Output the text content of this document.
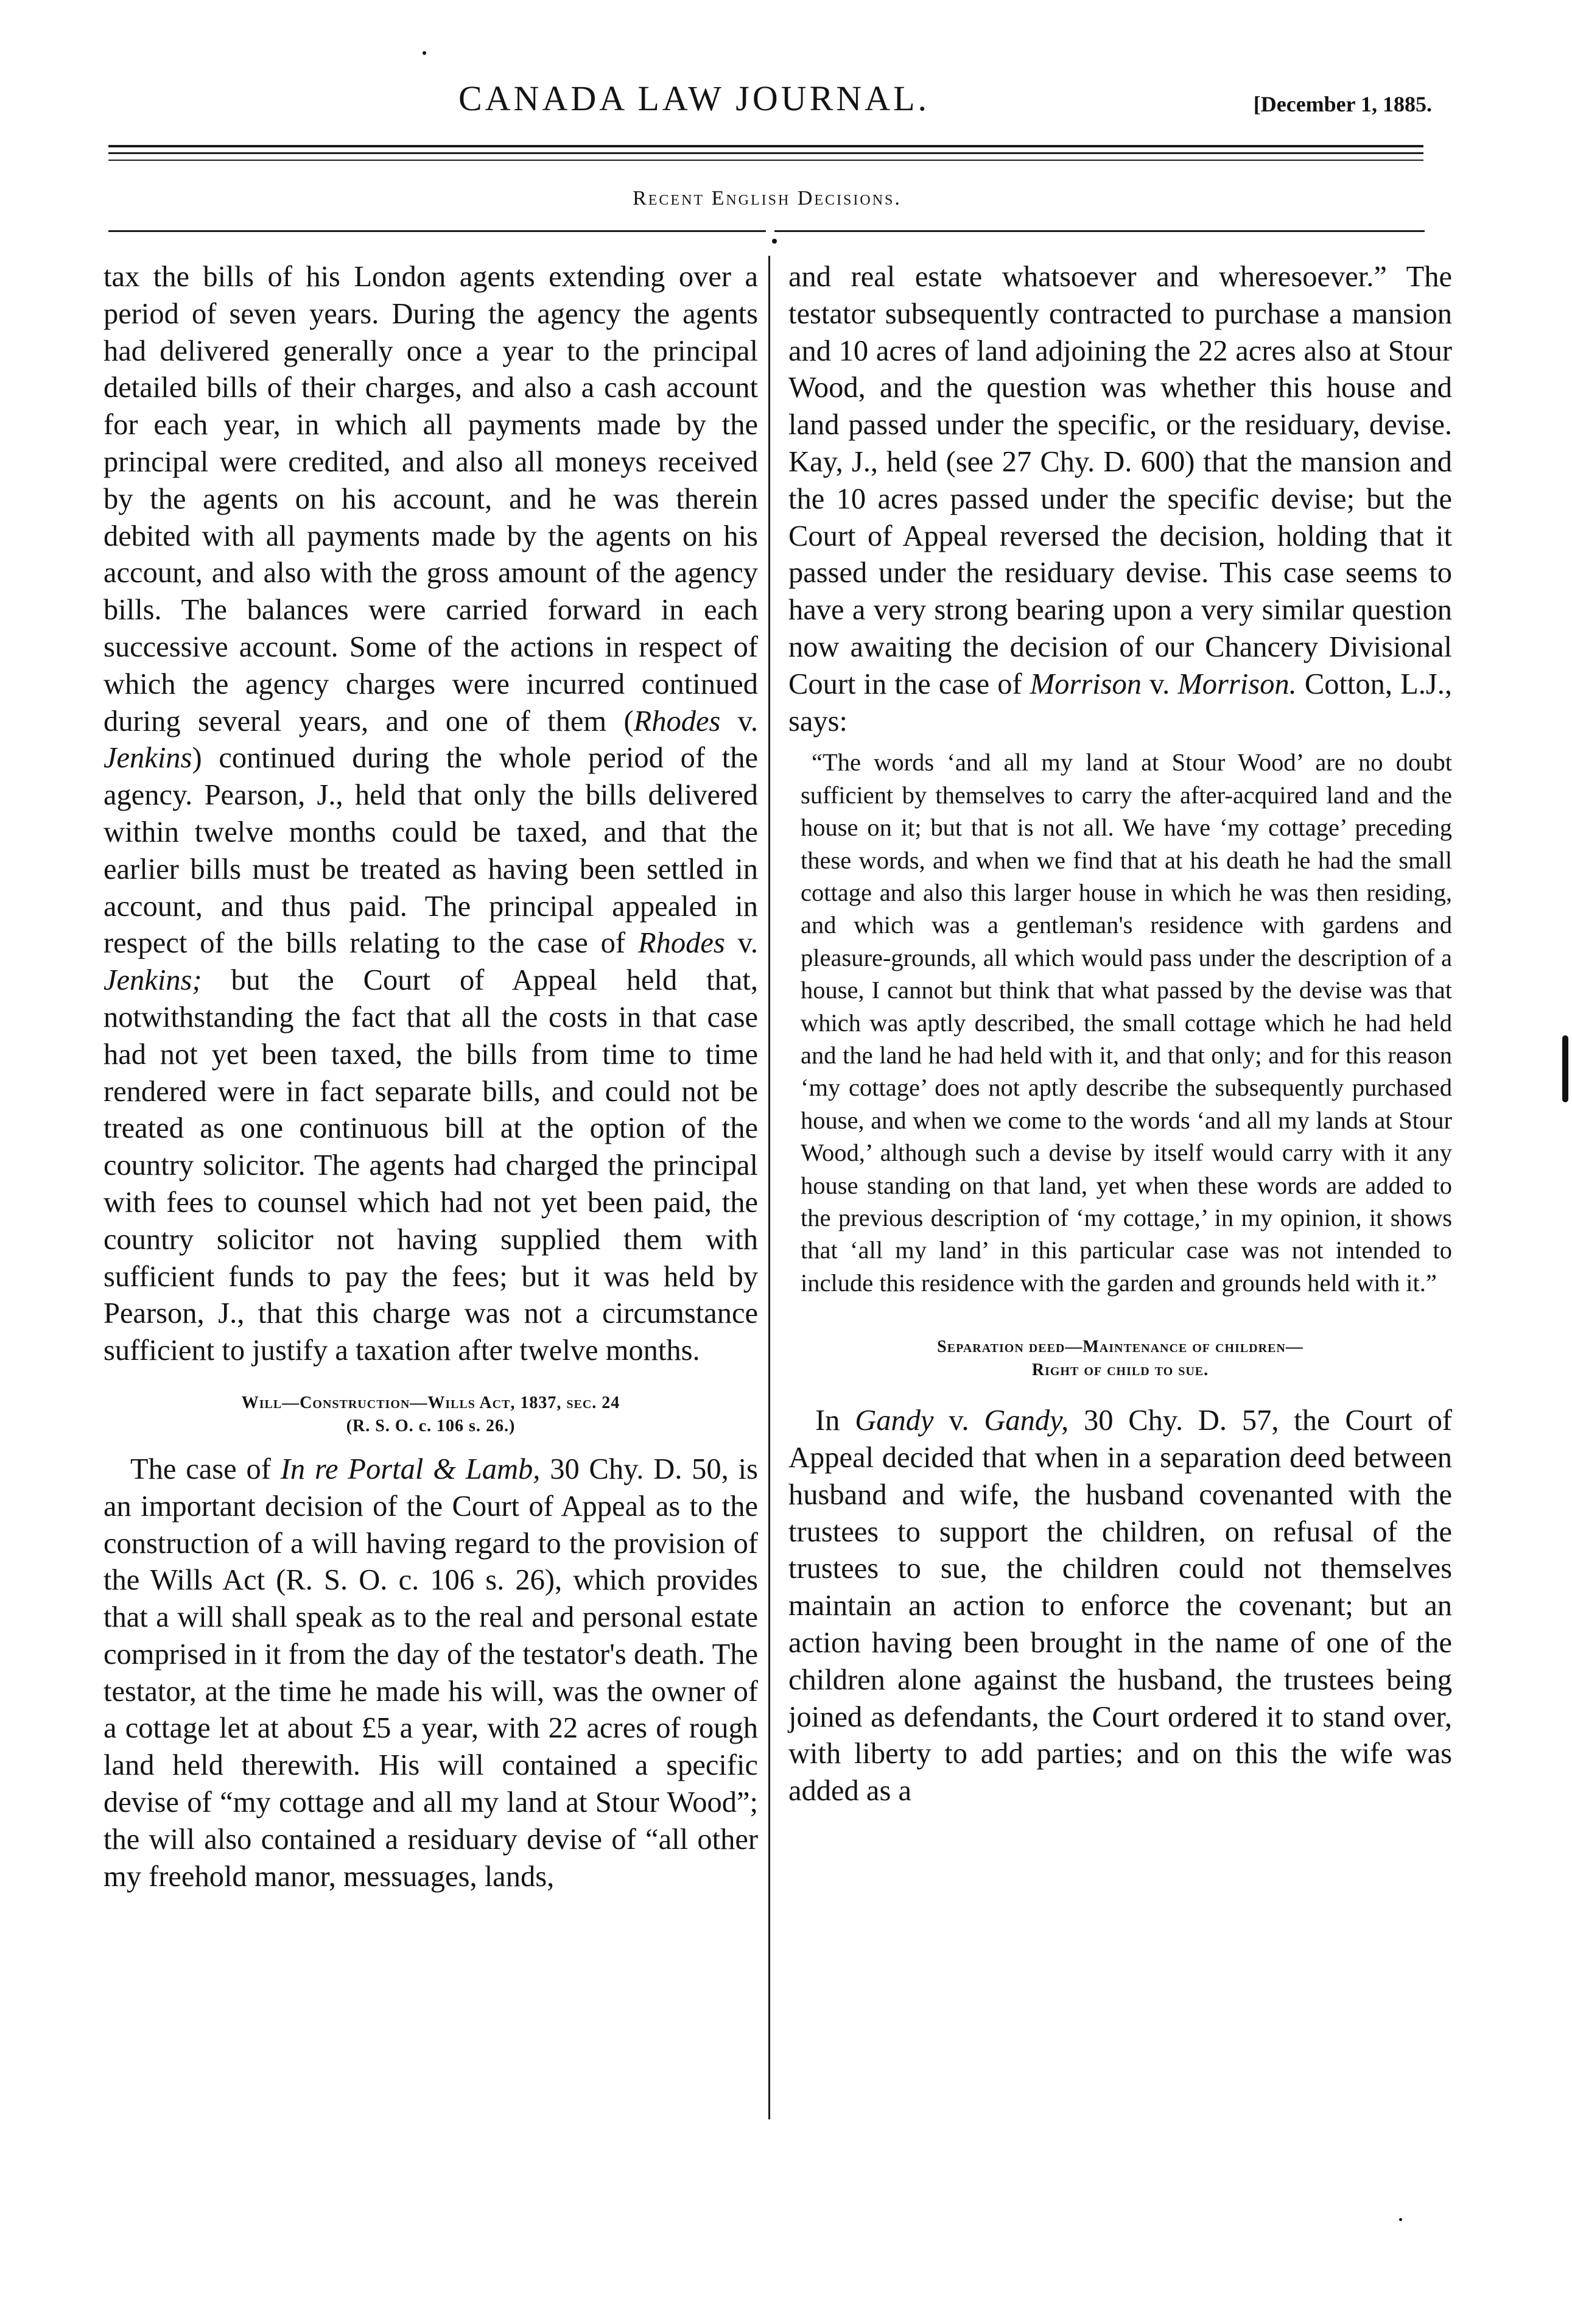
CANADA LAW JOURNAL.	[December 1, 1885.
Recent English Decisions.

tax the bills of his London agents extending over a period of seven years. During the agency the agents had delivered generally once a year to the principal detailed bills of their charges, and also a cash account for each year, in which all payments made by the principal were credited, and also all moneys received by the agents on his account, and he was therein debited with all payments made by the agents on his account, and also with the gross amount of the agency bills. The balances were carried forward in each successive account. Some of the actions in respect of which the agency charges were incurred continued during several years, and one of them (Rhodes v. Jenkins) continued during the whole period of the agency. Pearson, J., held that only the bills delivered within twelve months could be taxed, and that the earlier bills must be treated as having been settled in account, and thus paid. The principal appealed in respect of the bills relating to the case of Rhodes v. Jenkins; but the Court of Appeal held that, notwithstanding the fact that all the costs in that case had not yet been taxed, the bills from time to time rendered were in fact separate bills, and could not be treated as one continuous bill at the option of the country solicitor. The agents had charged the principal with fees to counsel which had not yet been paid, the country solicitor not having supplied them with sufficient funds to pay the fees; but it was held by Pearson, J., that this charge was not a circumstance sufficient to justify a taxation after twelve months.

Will—Construction—Wills Act, 1837, sec. 24
(R. S. O. c. 106 s. 26.)

The case of In re Portal & Lamb, 30 Chy. D. 50, is an important decision of the Court of Appeal as to the construction of a will having regard to the provision of the Wills Act (R. S. O. c. 106 s. 26), which provides that a will shall speak as to the real and personal estate comprised in it from the day of the testator's death. The testator, at the time he made his will, was the owner of a cottage let at about £5 a year, with 22 acres of rough land held therewith. His will contained a specific devise of “my cottage and all my land at Stour Wood”; the will also contained a residuary devise of “all other my freehold manor, messuages, lands,

and real estate whatsoever and wheresoever.” The testator subsequently contracted to purchase a mansion and 10 acres of land adjoining the 22 acres also at Stour Wood, and the question was whether this house and land passed under the specific, or the residuary, devise. Kay, J., held (see 27 Chy. D. 600) that the mansion and the 10 acres passed under the specific devise; but the Court of Appeal reversed the decision, holding that it passed under the residuary devise. This case seems to have a very strong bearing upon a very similar question now awaiting the decision of our Chancery Divisional Court in the case of Morrison v. Morrison. Cotton, L.J., says:

“The words ‘and all my land at Stour Wood’ are no doubt sufficient by themselves to carry the after-acquired land and the house on it; but that is not all. We have ‘my cottage’ preceding these words, and when we find that at his death he had the small cottage and also this larger house in which he was then residing, and which was a gentleman's residence with gardens and pleasure-grounds, all which would pass under the description of a house, I cannot but think that what passed by the devise was that which was aptly described, the small cottage which he had held and the land he had held with it, and that only; and for this reason ‘my cottage’ does not aptly describe the subsequently purchased house, and when we come to the words ‘and all my lands at Stour Wood,’ although such a devise by itself would carry with it any house standing on that land, yet when these words are added to the previous description of ‘my cottage,’ in my opinion, it shows that ‘all my land’ in this particular case was not intended to include this residence with the garden and grounds held with it.”

Separation deed—Maintenance of children—
Right of child to sue.

In Gandy v. Gandy, 30 Chy. D. 57, the Court of Appeal decided that when in a separation deed between husband and wife, the husband covenanted with the trustees to support the children, on refusal of the trustees to sue, the children could not themselves maintain an action to enforce the covenant; but an action having been brought in the name of one of the children alone against the husband, the trustees being joined as defendants, the Court ordered it to stand over, with liberty to add parties; and on this the wife was added as a
